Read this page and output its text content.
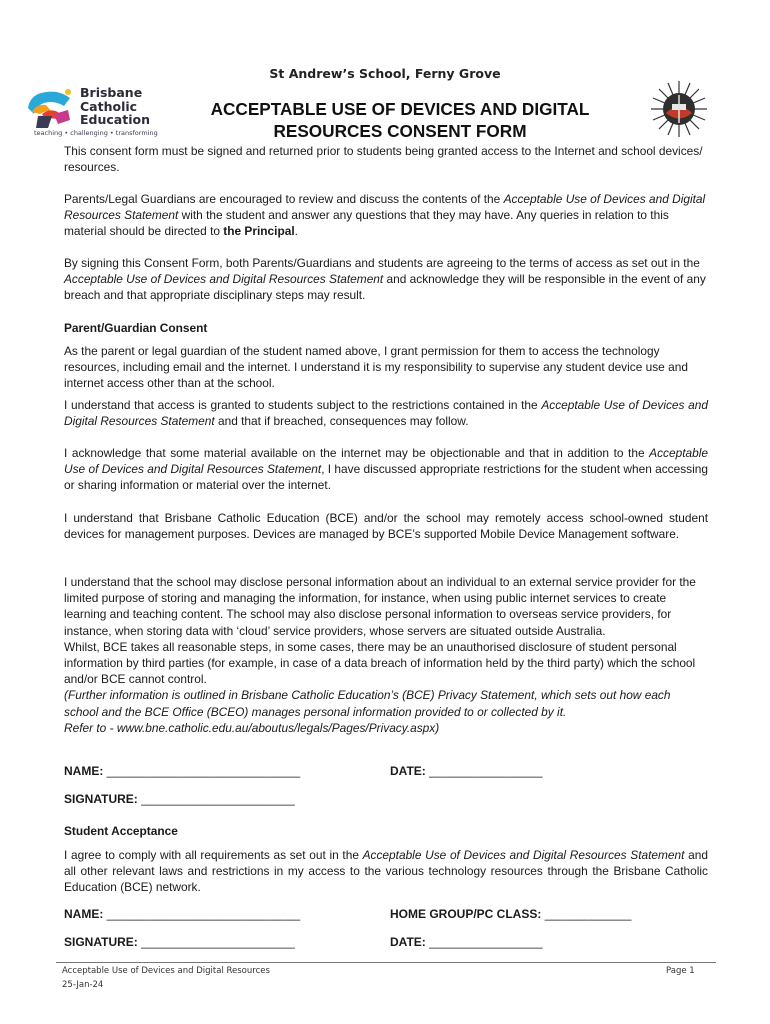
St Andrew’s School, Ferny Grove
Brisbane
Catholic
Education
teaching • challenging • transforming
ACCEPTABLE USE OF DEVICES AND DIGITAL
RESOURCES CONSENT FORM

This consent form must be signed and returned prior to students being granted access to the Internet and school devices/ resources.

Parents/Legal Guardians are encouraged to review and discuss the contents of the Acceptable Use of Devices and Digital Resources Statement with the student and answer any questions that they may have. Any queries in relation to this material should be directed to the Principal.

By signing this Consent Form, both Parents/Guardians and students are agreeing to the terms of access as set out in the Acceptable Use of Devices and Digital Resources Statement and acknowledge they will be responsible in the event of any breach and that appropriate disciplinary steps may result.

Parent/Guardian Consent

As the parent or legal guardian of the student named above, I grant permission for them to access the technology resources, including email and the internet. I understand it is my responsibility to supervise any student device use and internet access other than at the school.

I understand that access is granted to students subject to the restrictions contained in the Acceptable Use of Devices and Digital Resources Statement and that if breached, consequences may follow.

I acknowledge that some material available on the internet may be objectionable and that in addition to the Acceptable Use of Devices and Digital Resources Statement, I have discussed appropriate restrictions for the student when accessing or sharing information or material over the internet.

I understand that Brisbane Catholic Education (BCE) and/or the school may remotely access school-owned student devices for management purposes. Devices are managed by BCE’s supported Mobile Device Management software.

I understand that the school may disclose personal information about an individual to an external service provider for the limited purpose of storing and managing the information, for instance, when using public internet services to create learning and teaching content. The school may also disclose personal information to overseas service providers, for instance, when storing data with ‘cloud’ service providers, whose servers are situated outside Australia.

Whilst, BCE takes all reasonable steps, in some cases, there may be an unauthorised disclosure of student personal information by third parties (for example, in case of a data breach of information held by the third party) which the school and/or BCE cannot control.

(Further information is outlined in Brisbane Catholic Education’s (BCE) Privacy Statement, which sets out how each school and the BCE Office (BCEO) manages personal information provided to or collected by it.

Refer to - www.bne.catholic.edu.au/aboutus/legals/Pages/Privacy.aspx)

NAME: _____________________________	DATE: _________________
SIGNATURE: _______________________
Student Acceptance

I agree to comply with all requirements as set out in the Acceptable Use of Devices and Digital Resources Statement and all other relevant laws and restrictions in my access to the various technology resources through the Brisbane Catholic Education (BCE) network.

NAME: _____________________________	HOME GROUP/PC CLASS: _____________
SIGNATURE: _______________________	DATE: _________________
Acceptable Use of Devices and Digital Resources
25-Jan-24
Page 1
